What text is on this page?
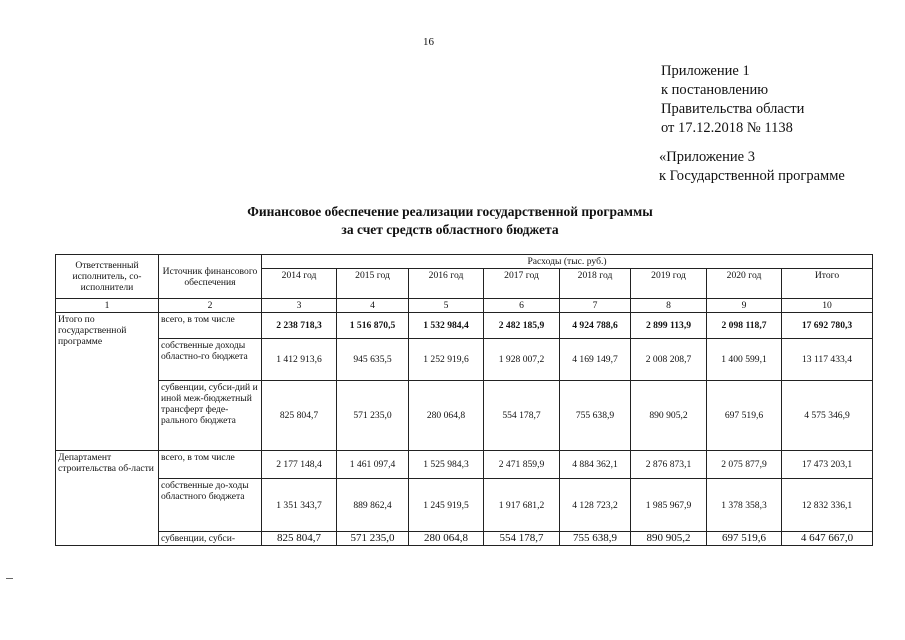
16
Приложение 1
к постановлению
Правительства области
от 17.12.2018 № 1138
«Приложение 3
к Государственной программе
Финансовое обеспечение реализации государственной программы
за счет средств областного бюджета
Ответственный исполнитель, со-исполнители	Источник финансового обеспечения	Расходы (тыс. руб.)							
		2014 год	2015 год	2016 год	2017 год	2018 год	2019 год	2020 год	Итого
1	2	3	4	5	6	7	8	9	10
Итого по государственной программе	всего, в том числе	2 238 718,3	1 516 870,5	1 532 984,4	2 482 185,9	4 924 788,6	2 899 113,9	2 098 118,7	17 692 780,3
	собственные доходы областно-го бюджета	1 412 913,6	945 635,5	1 252 919,6	1 928 007,2	4 169 149,7	2 008 208,7	1 400 599,1	13 117 433,4
	субвенции, субси-дий и иной меж-бюджетный трансферт феде-рального бюджета	825 804,7	571 235,0	280 064,8	554 178,7	755 638,9	890 905,2	697 519,6	4 575 346,9
Департамент строительства об-ласти	всего, в том числе	2 177 148,4	1 461 097,4	1 525 984,3	2 471 859,9	4 884 362,1	2 876 873,1	2 075 877,9	17 473 203,1
	собственные до-ходы областного бюджета	1 351 343,7	889 862,4	1 245 919,5	1 917 681,2	4 128 723,2	1 985 967,9	1 378 358,3	12 832 336,1
	субвенции, субси-	825 804,7	571 235,0	280 064,8	554 178,7	755 638,9	890 905,2	697 519,6	4 647 667,0
